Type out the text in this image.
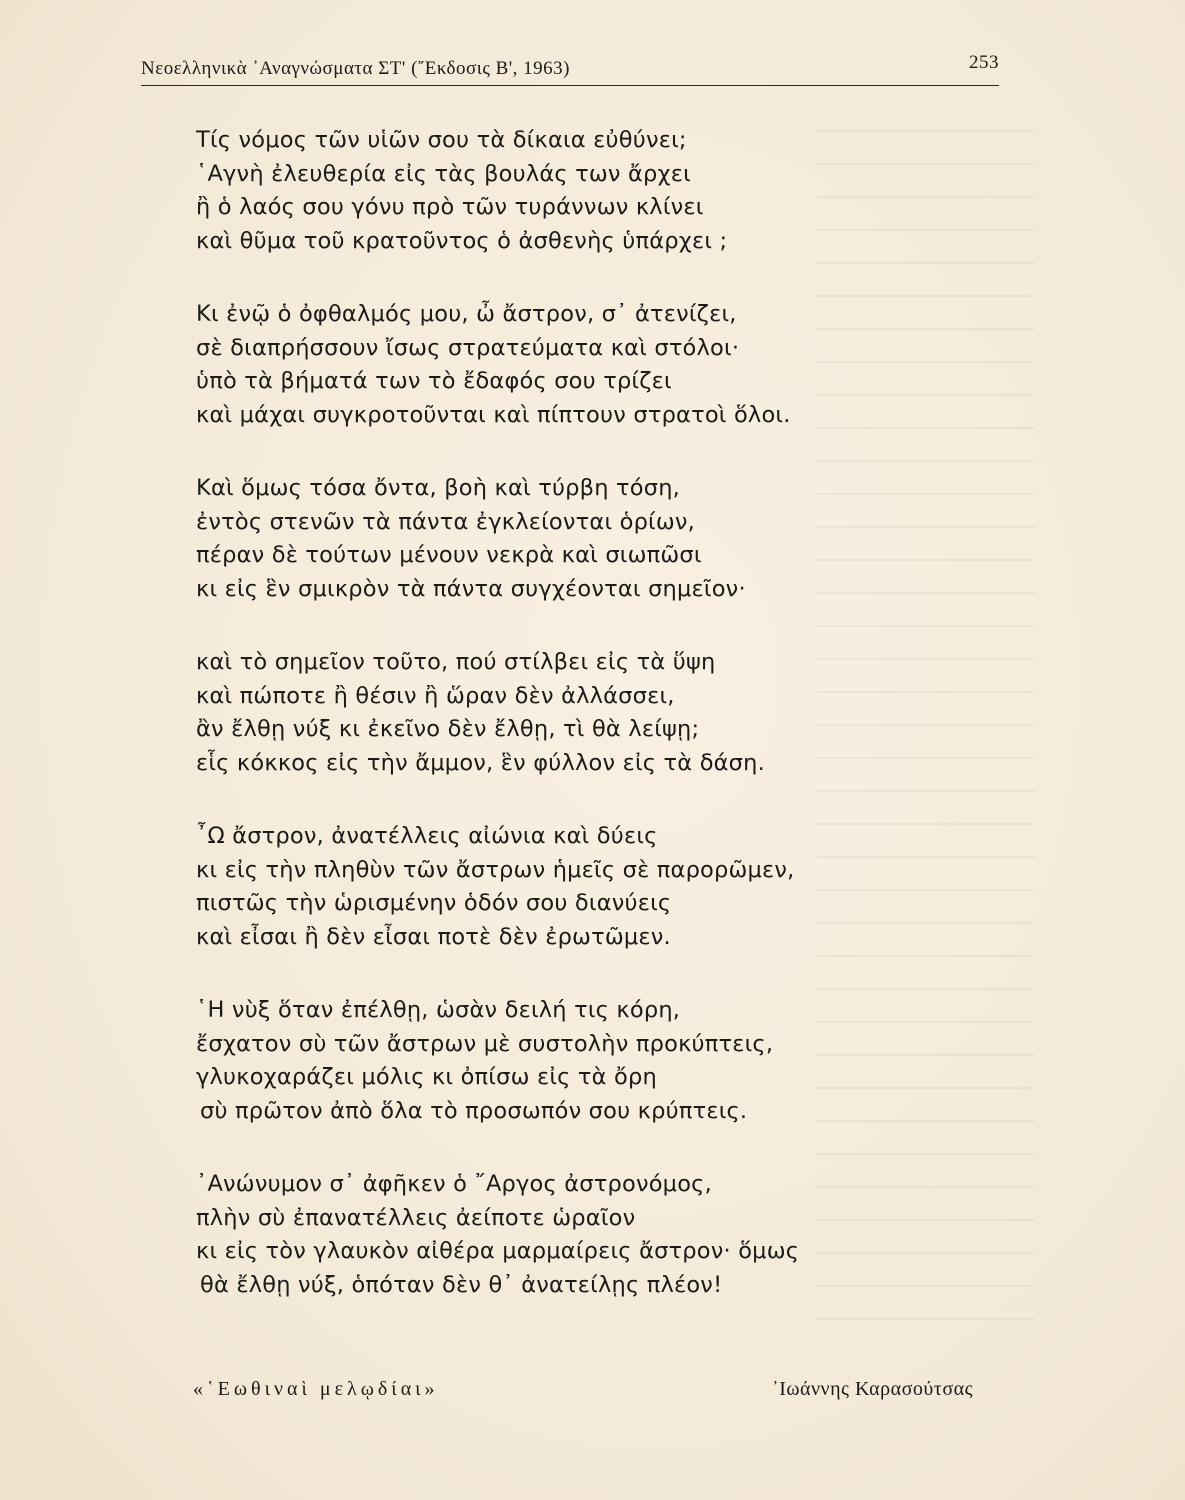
Νεοελληνικὰ ᾿Αναγνώσματα ΣΤ' (῎Εκδοσις Β', 1963)	253
Τίς νόμος τῶν υἱῶν σου τὰ δίκαια εὐθύνει;
῾Αγνὴ ἐλευθερία εἰς τὰς βουλάς των ἄρχει
ἢ ὁ λαός σου γόνυ πρὸ τῶν τυράννων κλίνει
καὶ θῦμα τοῦ κρατοῦντος ὁ ἀσθενὴς ὑπάρχει ;
Κι ἐνῷ ὁ ὀφθαλμός μου, ὦ ἄστρον, σ᾽ ἀτενίζει,
σὲ διαπρήσσουν ἴσως στρατεύματα καὶ στόλοι·
ὑπὸ τὰ βήματά των τὸ ἔδαφός σου τρίζει
καὶ μάχαι συγκροτοῦνται καὶ πίπτουν στρατοὶ ὅλοι.
Καὶ ὅμως τόσα ὄντα, βοὴ καὶ τύρβη τόση,
ἐντὸς στενῶν τὰ πάντα ἐγκλείονται ὁρίων,
πέραν δὲ τούτων μένουν νεκρὰ καὶ σιωπῶσι
κι εἰς ἓν σμικρὸν τὰ πάντα συγχέονται σημεῖον·
καὶ τὸ σημεῖον τοῦτο, πού στίλβει εἰς τὰ ὕψη
καὶ πώποτε ἢ θέσιν ἢ ὥραν δὲν ἀλλάσσει,
ἂν ἔλθῃ νύξ κι ἐκεῖνο δὲν ἔλθῃ, τὶ θὰ λείψῃ;
εἷς κόκκος εἰς τὴν ἄμμον, ἓν φύλλον εἰς τὰ δάση.
῏Ω ἄστρον, ἀνατέλλεις αἰώνια καὶ δύεις
κι εἰς τὴν πληθὺν τῶν ἄστρων ἡμεῖς σὲ παρορῶμεν,
πιστῶς τὴν ὡρισμένην ὁδόν σου διανύεις
καὶ εἶσαι ἢ δὲν εἶσαι ποτὲ δὲν ἐρωτῶμεν.
῾Η νὺξ ὅταν ἐπέλθῃ, ὡσὰν δειλή τις κόρη,
ἔσχατον σὺ τῶν ἄστρων μὲ συστολὴν προκύπτεις,
γλυκοχαράζει μόλις κι ὀπίσω εἰς τὰ ὄρη
σὺ πρῶτον ἀπὸ ὅλα τὸ προσωπόν σου κρύπτεις.
᾿Ανώνυμον σ᾽ ἀφῆκεν ὁ ῎Αργος ἀστρονόμος,
πλὴν σὺ ἐπανατέλλεις ἀείποτε ὡραῖον
κι εἰς τὸν γλαυκὸν αἰθέρα μαρμαίρεις ἄστρον· ὅμως
θὰ ἔλθῃ νύξ, ὁπόταν δὲν θ᾽ ἀνατείλῃς πλέον!
«῾Εωθιναὶ μελῳδίαι»	᾿Ιωάννης Καρασούτσας
